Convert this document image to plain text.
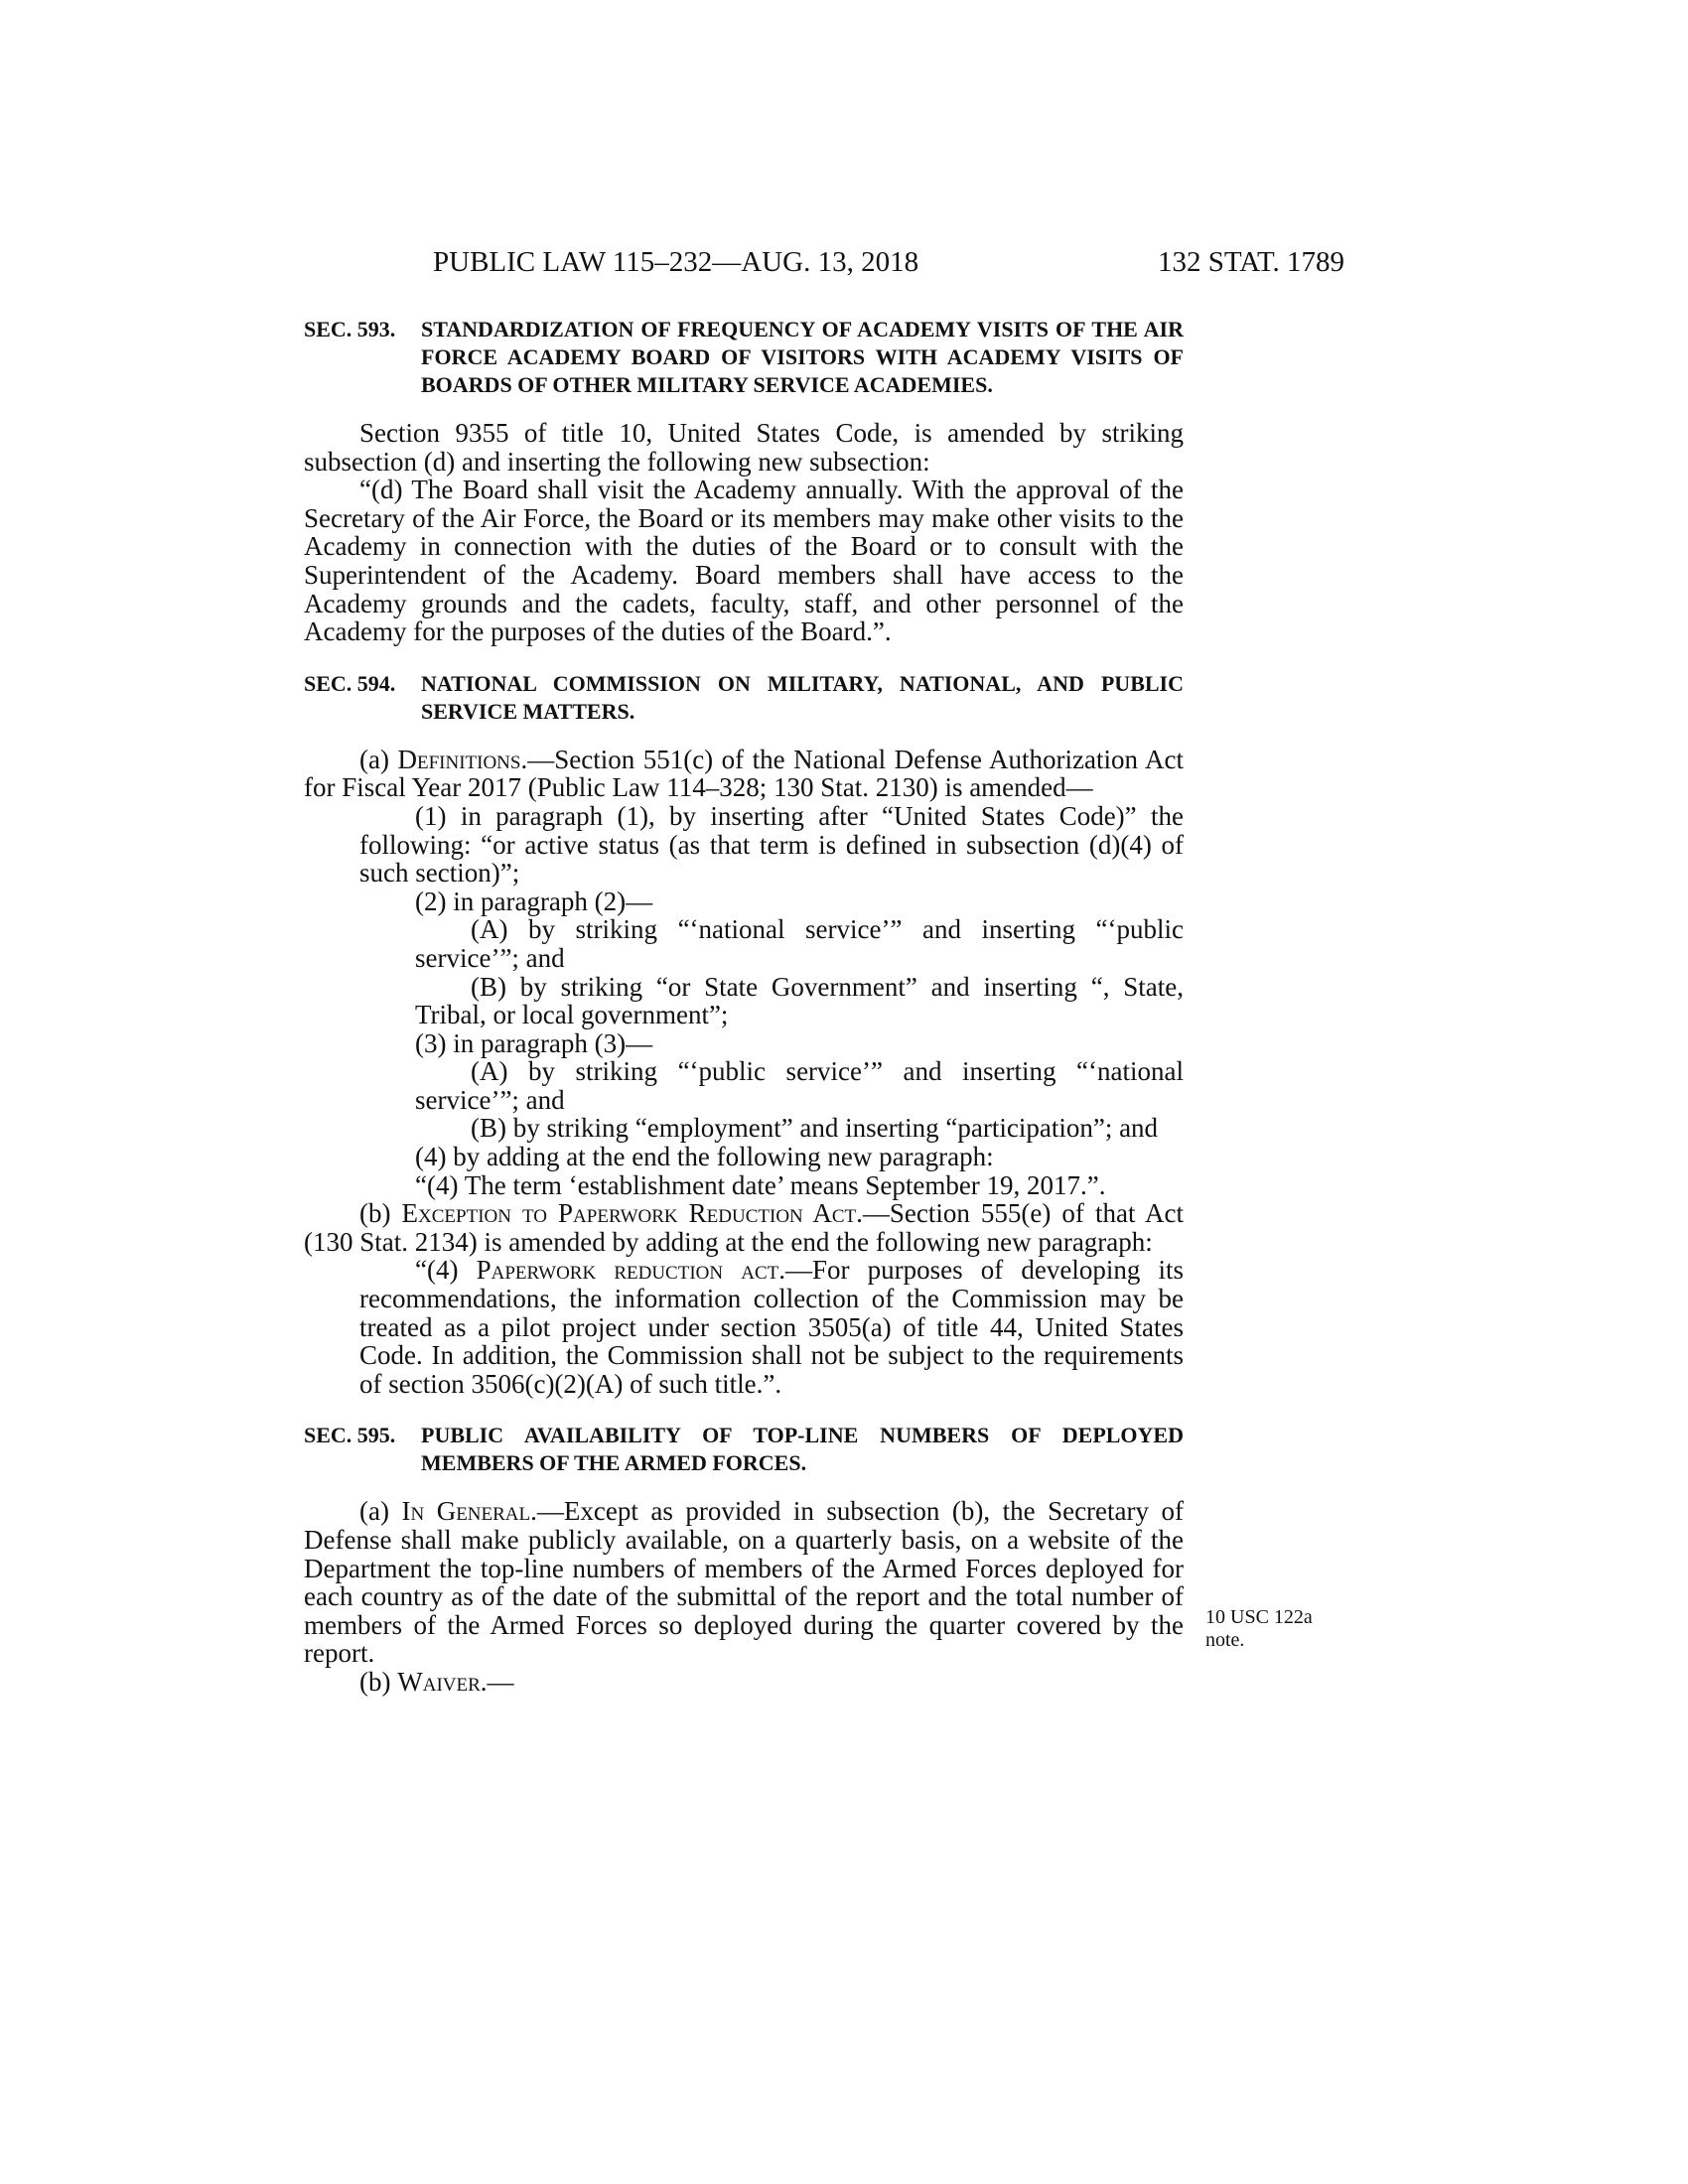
PUBLIC LAW 115–232—AUG. 13, 2018	132 STAT. 1789

SEC. 593. STANDARDIZATION OF FREQUENCY OF ACADEMY VISITS OF THE AIR FORCE ACADEMY BOARD OF VISITORS WITH ACADEMY VISITS OF BOARDS OF OTHER MILITARY SERVICE ACADEMIES.

Section 9355 of title 10, United States Code, is amended by striking subsection (d) and inserting the following new subsection:

“(d) The Board shall visit the Academy annually. With the approval of the Secretary of the Air Force, the Board or its members may make other visits to the Academy in connection with the duties of the Board or to consult with the Superintendent of the Academy. Board members shall have access to the Academy grounds and the cadets, faculty, staff, and other personnel of the Academy for the purposes of the duties of the Board.”.

SEC. 594. NATIONAL COMMISSION ON MILITARY, NATIONAL, AND PUBLIC SERVICE MATTERS.

(a) Definitions.—Section 551(c) of the National Defense Authorization Act for Fiscal Year 2017 (Public Law 114–328; 130 Stat. 2130) is amended—

(1) in paragraph (1), by inserting after “United States Code)” the following: “or active status (as that term is defined in subsection (d)(4) of such section)”;

(2) in paragraph (2)—

(A) by striking “‘national service’” and inserting “‘public service’”; and

(B) by striking “or State Government” and inserting “, State, Tribal, or local government”;

(3) in paragraph (3)—

(A) by striking “‘public service’” and inserting “‘national service’”; and

(B) by striking “employment” and inserting “participation”; and

(4) by adding at the end the following new paragraph:

“(4) The term ‘establishment date’ means September 19, 2017.”.

(b) Exception to Paperwork Reduction Act.—Section 555(e) of that Act (130 Stat. 2134) is amended by adding at the end the following new paragraph:

“(4) Paperwork reduction act.—For purposes of developing its recommendations, the information collection of the Commission may be treated as a pilot project under section 3505(a) of title 44, United States Code. In addition, the Commission shall not be subject to the requirements of section 3506(c)(2)(A) of such title.”.

SEC. 595. PUBLIC AVAILABILITY OF TOP-LINE NUMBERS OF DEPLOYED MEMBERS OF THE ARMED FORCES.

(a) In General.—Except as provided in subsection (b), the Secretary of Defense shall make publicly available, on a quarterly basis, on a website of the Department the top-line numbers of members of the Armed Forces deployed for each country as of the date of the submittal of the report and the total number of members of the Armed Forces so deployed during the quarter covered by the report.

(b) Waiver.—

10 USC 122a
note.
